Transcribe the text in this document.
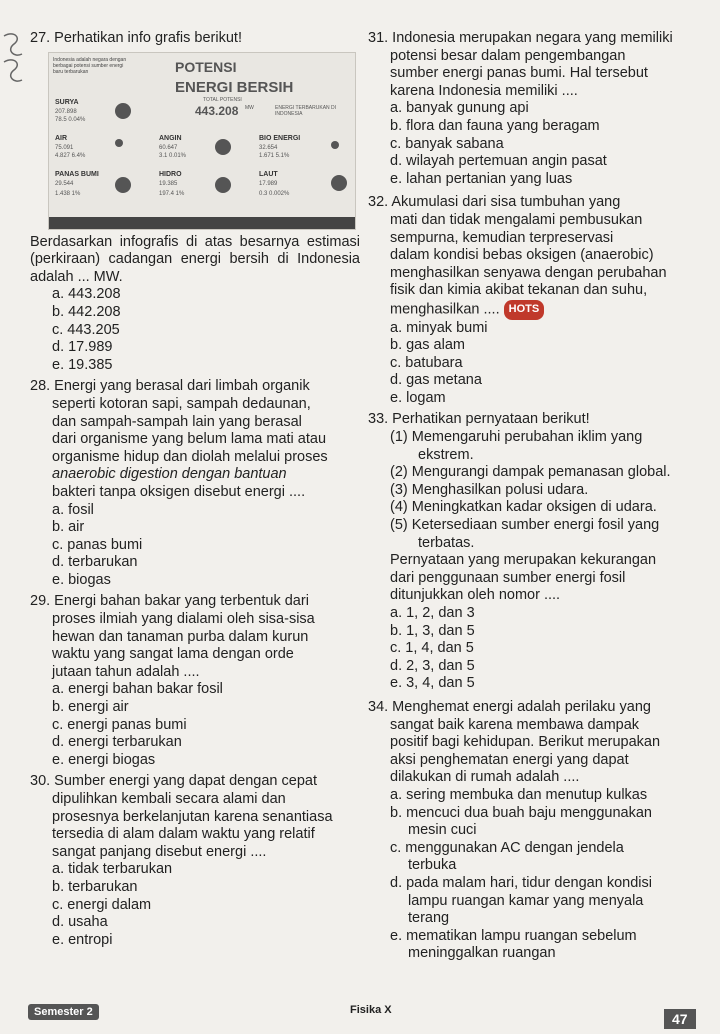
27. Perhatikan info grafis berikut!
Indonesia adalah negara dengan berbagai potensi sumber energi baru terbarukan	POTENSI
ENERGI BERSIH
TOTAL POTENSI
443.208 MW	ENERGI TERBARUKAN DI INDONESIA
SURYA
207.898
78.5 0.04%
AIR
75.091
4.827 6.4%
ANGIN
60.647
3.1 0.01%
BIO ENERGI
32.654
1.671 5.1%
PANAS BUMI
29.544
1.438 1%
HIDRO
19.385
197.4 1%
LAUT
17.989
0.3 0.002%

Berdasarkan infografis di atas besarnya estimasi (perkiraan) cadangan energi bersih di Indonesia adalah ... MW.

a. 443.208
b. 442.208
c. 443.205
d. 17.989
e. 19.385
28. Energi yang berasal dari limbah organik
seperti kotoran sapi, sampah dedaunan,
dan sampah-sampah lain yang berasal
dari organisme yang belum lama mati atau
organisme hidup dan diolah melalui proses
anaerobic digestion dengan bantuan
bakteri tanpa oksigen disebut energi ....
a. fosil
b. air
c. panas bumi
d. terbarukan
e. biogas
29. Energi bahan bakar yang terbentuk dari
proses ilmiah yang dialami oleh sisa-sisa
hewan dan tanaman purba dalam kurun
waktu yang sangat lama dengan orde
jutaan tahun adalah ....
a. energi bahan bakar fosil
b. energi air
c. energi panas bumi
d. energi terbarukan
e. energi biogas
30. Sumber energi yang dapat dengan cepat
dipulihkan kembali secara alami dan
prosesnya berkelanjutan karena senantiasa
tersedia di alam dalam waktu yang relatif
sangat panjang disebut energi ....
a. tidak terbarukan
b. terbarukan
c. energi dalam
d. usaha
e. entropi
31. Indonesia merupakan negara yang memiliki
potensi besar dalam pengembangan
sumber energi panas bumi. Hal tersebut
karena Indonesia memiliki ....
a. banyak gunung api
b. flora dan fauna yang beragam
c. banyak sabana
d. wilayah pertemuan angin pasat
e. lahan pertanian yang luas
32. Akumulasi dari sisa tumbuhan yang
mati dan tidak mengalami pembusukan
sempurna, kemudian terpreservasi
dalam kondisi bebas oksigen (anaerobic)
menghasilkan senyawa dengan perubahan
fisik dan kimia akibat tekanan dan suhu,
menghasilkan .... HOTS
a. minyak bumi
b. gas alam
c. batubara
d. gas metana
e. logam
33. Perhatikan pernyataan berikut!
(1) Memengaruhi perubahan iklim yang
ekstrem.
(2) Mengurangi dampak pemanasan global.
(3) Menghasilkan polusi udara.
(4) Meningkatkan kadar oksigen di udara.
(5) Ketersediaan sumber energi fosil yang
terbatas.
Pernyataan yang merupakan kekurangan
dari penggunaan sumber energi fosil
ditunjukkan oleh nomor ....
a. 1, 2, dan 3
b. 1, 3, dan 5
c. 1, 4, dan 5
d. 2, 3, dan 5
e. 3, 4, dan 5
34. Menghemat energi adalah perilaku yang
sangat baik karena membawa dampak
positif bagi kehidupan. Berikut merupakan
aksi penghematan energi yang dapat
dilakukan di rumah adalah ....
a. sering membuka dan menutup kulkas
b. mencuci dua buah baju menggunakan
mesin cuci
c. menggunakan AC dengan jendela
terbuka
d. pada malam hari, tidur dengan kondisi
lampu ruangan kamar yang menyala
terang
e. mematikan lampu ruangan sebelum
meninggalkan ruangan
Semester 2	Fisika X
47
